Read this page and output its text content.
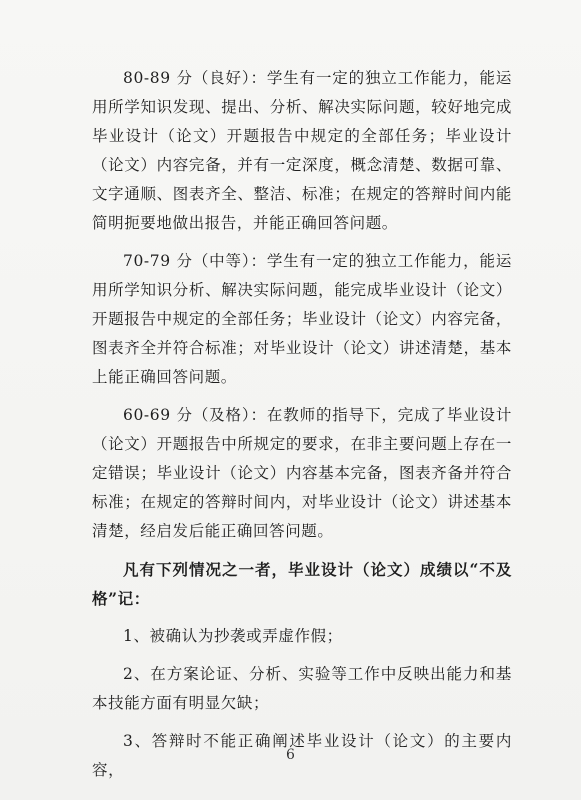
80-89 分（良好）：学生有一定的独立工作能力，能运用所学知识发现、提出、分析、解决实际问题，较好地完成毕业设计（论文）开题报告中规定的全部任务；毕业设计（论文）内容完备，并有一定深度，概念清楚、数据可靠、文字通顺、图表齐全、整洁、标准；在规定的答辩时间内能简明扼要地做出报告，并能正确回答问题。

70-79 分（中等）：学生有一定的独立工作能力，能运用所学知识分析、解决实际问题，能完成毕业设计（论文）开题报告中规定的全部任务；毕业设计（论文）内容完备，图表齐全并符合标准；对毕业设计（论文）讲述清楚，基本上能正确回答问题。

60-69 分（及格）：在教师的指导下，完成了毕业设计（论文）开题报告中所规定的要求，在非主要问题上存在一定错误；毕业设计（论文）内容基本完备，图表齐备并符合标准；在规定的答辩时间内，对毕业设计（论文）讲述基本清楚，经启发后能正确回答问题。

凡有下列情况之一者，毕业设计（论文）成绩以“不及格”记：

1、被确认为抄袭或弄虚作假；

2、在方案论证、分析、实验等工作中反映出能力和基本技能方面有明显欠缺；

3、答辩时不能正确阐述毕业设计（论文）的主要内容，

6
